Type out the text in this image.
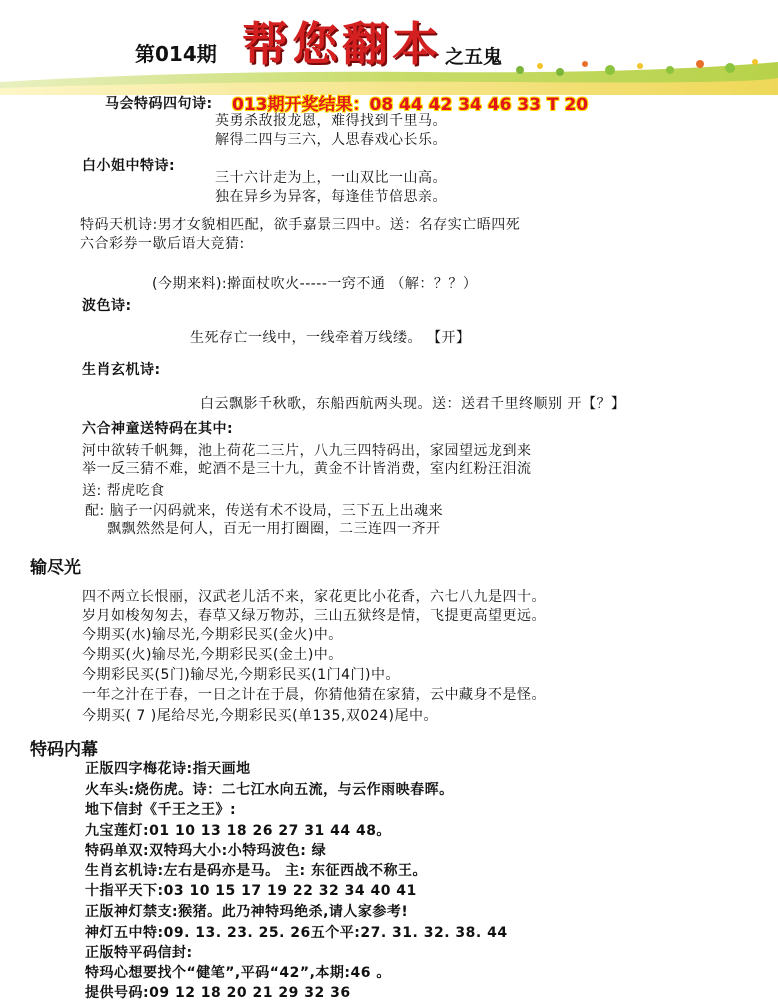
第014期 帮您翻本 之五鬼
马会特码四句诗: 013期开奖结果：08 44 42 34 46 33 T 20
英勇杀敌报龙恩，难得找到千里马。
解得二四与三六，人思春戏心长乐。
白小姐中特诗:
三十六计走为上，一山双比一山高。
独在异乡为异客，每逢佳节倍思亲。
特码天机诗:男才女貌相匹配，欲手嘉景三四中。送：名存实亡晤四死
六合彩券一歇后语大竞猜:
(今期来料):擀面杖吹火-----一窍不通 （解：？？）
波色诗:
生死存亡一线中，一线牵着万线缕。 【开】
生肖玄机诗:
白云飘影千秋歌，东船西航两头现。送：送君千里终顺别 开【？】
六合神童送特码在其中:
河中欲转千帆舞，池上荷花二三片，八九三四特码出，家园望远龙到来
举一反三猜不难，蛇酒不是三十九，黄金不计皆消费，室内红粉汪泪流
送: 帮虎吃食
配: 脑子一闪码就来，传送有术不设局，三下五上出魂来
飘飘然然是何人，百无一用打圈圈，二三连四一齐开
输尽光
四不两立长恨丽，汉武老儿活不来，家花更比小花香，六七八九是四十。
岁月如梭匆匆去，春草又绿万物苏，三山五狱终是情，飞提更高望更远。
今期买(水)输尽光,今期彩民买(金火)中。
今期买(火)输尽光,今期彩民买(金土)中。
今期彩民买(5门)输尽光,今期彩民买(1门4门)中。
一年之汁在于春，一日之计在于晨，你猜他猜在家猜，云中藏身不是怪。
今期买( 7 )尾给尽光,今期彩民买(单135,双024)尾中。
特码内幕
正版四字梅花诗:指天画地
火车头:烧伤虎。诗：二七江水向五流，与云作雨映春晖。
地下信封《千王之王》:
九宝莲灯:01 10 13 18 26 27 31 44 48。
特码单双:双特玛大小:小特玛波色: 绿
生肖玄机诗:左右是码亦是马。 主: 东征西战不称王。
十指平天下:03 10 15 17 19 22 32 34 40 41
正版神灯禁支:猴猪。此乃神特玛绝杀,请人家参考!
神灯五中特:09. 13. 23. 25. 26五个平:27. 31. 32. 38. 44
正版特平码信封:
特玛心想要找个“健笔”,平码“42”,本期:46 。
提供号码:09 12 18 20 21 29 32 36
